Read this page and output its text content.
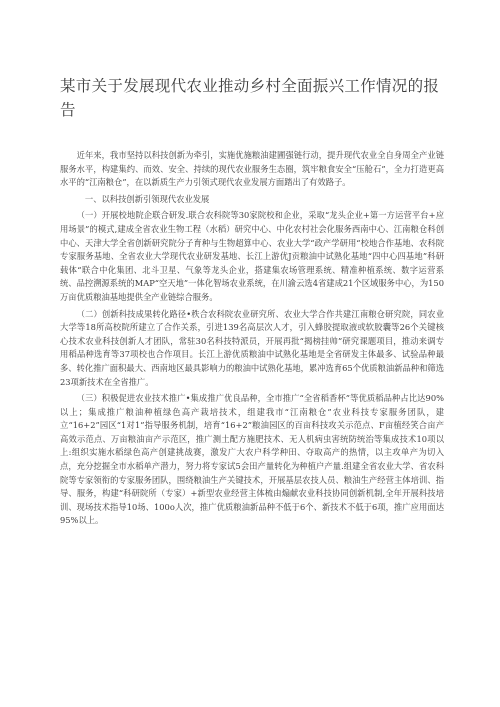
某市关于发展现代农业推动乡村全面振兴工作情况的报告

近年来，我市坚持以科技创新为牵引，实施优施粮油建圃强链行动，提升现代农业全自身周全产业链服务水平，构建集约、而效、安全、持续的现代农业服务生态圈，筑牢粮食安全“压舱石”，全力打造更高水平的“江南粮仓”，在以新质生产力引领式现代农业发展方面踏出了有效路子。

一、以科技创新引领现代农业发展

（一）开展校地院企联合研发.联合农科院等30家院校和企业，采取“龙头企业+第一方运营平台+应用场景”的模式,建成全省农业生物工程（水稻）研究中心、中化农村社会化服务西南中心、江南粮仓科创中心、天津大学全省创新研究院分子育种与生物超算中心、农业大学“政产学研用“校地合作基地、农科院专家服务基地、全省农业大学现代农业研发基地、长江上游优J贡粮油中试熟化基地“四中心四基地”科研载体“联合中化集团、北斗卫星、气象等龙头企业，搭建集农场管理系统、精准种植系统、数字运营系统、品控溯源系统的MAP“空天地”一体化智场农业系统，在川渝云选4省建成21个区域服务中心，为150万亩优质粮油基地提供全产业链综合服务。

（二）创新科技成果转化路径•秩合农科院农业研究所、农业大学合作共建江南粮仓研究院，同农业大学等18所高校院所建立了合作关系，引进139名高层次人才，引入蜂胶提取液或软胶囊等26个关键核心技术农业科技创新人才团队，常驻30名科技特派员，开展再批“揭榜挂帅”研究课题项目，推动来调专用稻品种选育等37项校也合作项目。长江上游优质粮油中试熟化基地是全省研发主体最多、试验品种最多、转化推广面积最大、西南地区最具影响力的粮油中试熟化基地，累冲选育65个优质粮油新品种和筛选23项新技术在全省推广。

（三）积极促进农业技术推广•集成推广优良品种，全市推广“全省稻香杯”等优质稻品种占比达90%以上；集成推广粮油种植绿色高产栽培技术，组建我市“江南粮仓”农业科技专家服务团队，建立“16+2”园区“1对1”指导服务机制，培育“16+2”粮油园区的百亩科技攻关示范点、F亩植经笑合亩产高效示范点、万亩粮油亩产示范区，推广测土配方施肥技术、无人机病虫害统防统治等集成技术10项以上:组织实施水稻绿色高产创建挑战赛，激发广大农户科学种田、夺取高产的热情，以主攻单产为切入点，充分挖掘全市水稻单产潜力，努力将专家试5会田产量转化为种植户产量.组建全省农业大学、省农科院等专家领衔的专家服务团队，围绕粮油生产关键技术，开展基层农技人员、粮油生产经营主体培训、指导、服务，构建“科研院所（专家）+新型农业经营主体梳由煽献农业科技协同创新机制,全年开展科技培训、现场技术指导10场、100o人次，推广优质粮油新品种不低于6个、新技术不低于6项，推广应用面达95%以上。
